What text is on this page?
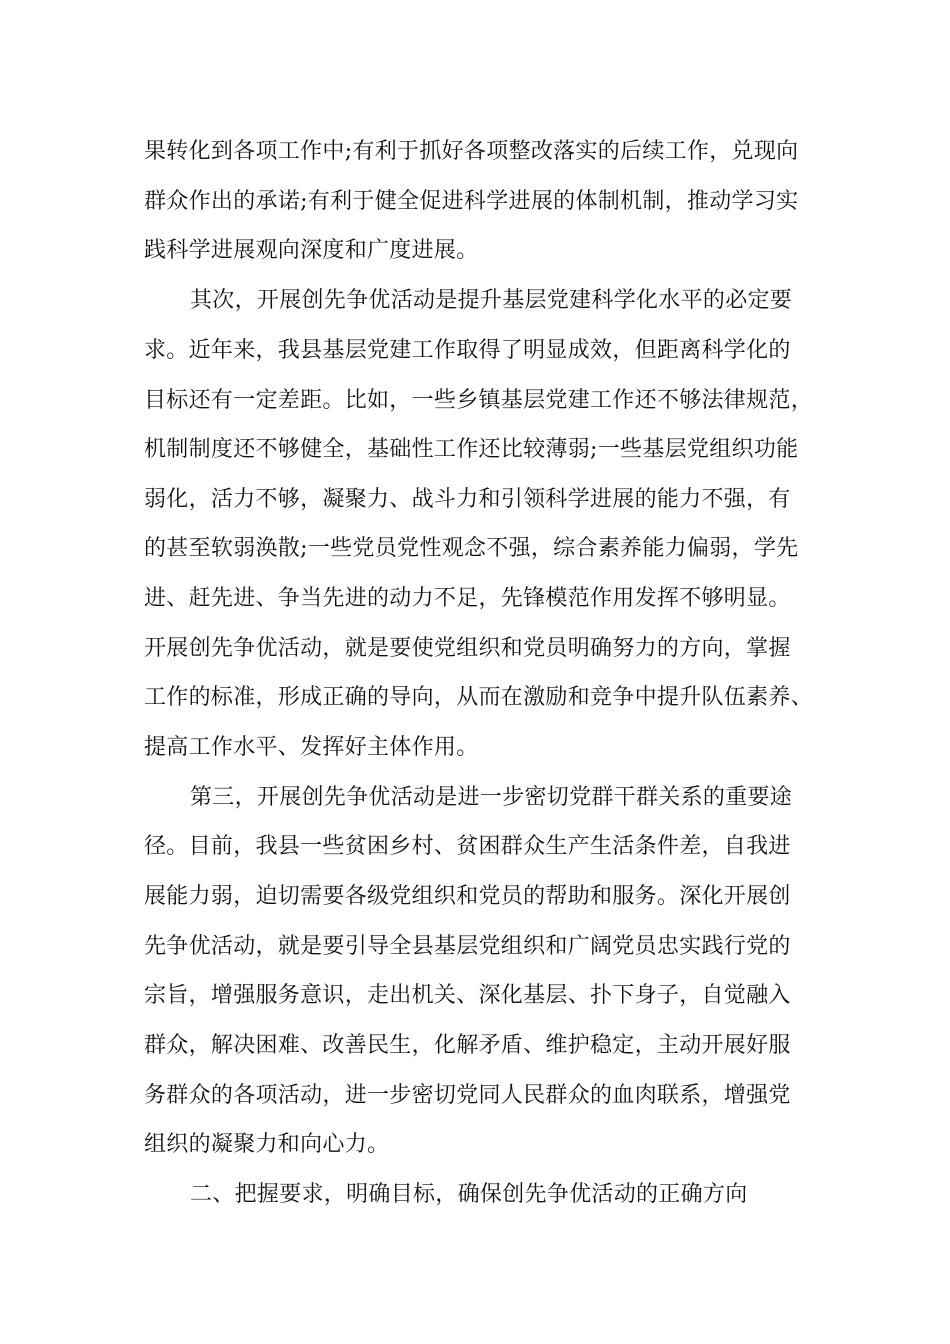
果转化到各项工作中;有利于抓好各项整改落实的后续工作，兑现向
群众作出的承诺;有利于健全促进科学进展的体制机制，推动学习实
践科学进展观向深度和广度进展。
其次，开展创先争优活动是提升基层党建科学化水平的必定要
求。近年来，我县基层党建工作取得了明显成效，但距离科学化的
目标还有一定差距。比如，一些乡镇基层党建工作还不够法律规范，
机制制度还不够健全，基础性工作还比较薄弱;一些基层党组织功能
弱化，活力不够，凝聚力、战斗力和引领科学进展的能力不强，有
的甚至软弱涣散;一些党员党性观念不强，综合素养能力偏弱，学先
进、赶先进、争当先进的动力不足，先锋模范作用发挥不够明显。
开展创先争优活动，就是要使党组织和党员明确努力的方向，掌握
工作的标准，形成正确的导向，从而在激励和竞争中提升队伍素养、
提高工作水平、发挥好主体作用。
第三，开展创先争优活动是进一步密切党群干群关系的重要途
径。目前，我县一些贫困乡村、贫困群众生产生活条件差，自我进
展能力弱，迫切需要各级党组织和党员的帮助和服务。深化开展创
先争优活动，就是要引导全县基层党组织和广阔党员忠实践行党的
宗旨，增强服务意识，走出机关、深化基层、扑下身子，自觉融入
群众，解决困难、改善民生，化解矛盾、维护稳定，主动开展好服
务群众的各项活动，进一步密切党同人民群众的血肉联系，增强党
组织的凝聚力和向心力。
二、把握要求，明确目标，确保创先争优活动的正确方向
